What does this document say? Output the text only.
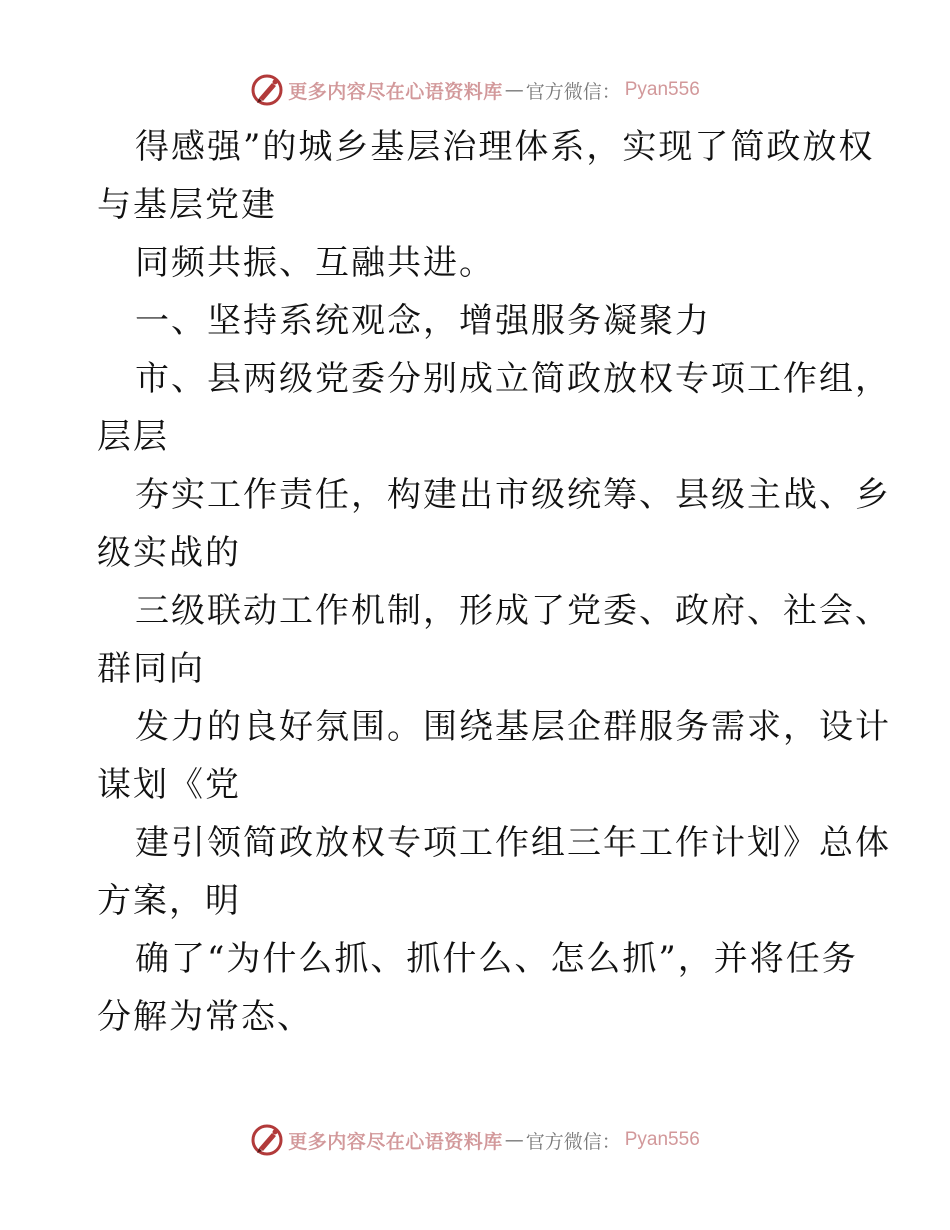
更多内容尽在心语资料库 — 官方微信： Pyan556

得感强”的城乡基层治理体系，实现了简政放权

与基层党建

同频共振、互融共进。

一、坚持系统观念，增强服务凝聚力

市、县两级党委分别成立简政放权专项工作组，

层层

夯实工作责任，构建出市级统筹、县级主战、乡

级实战的

三级联动工作机制，形成了党委、政府、社会、

群同向

发力的良好氛围。围绕基层企群服务需求，设计

谋划《党

建引领简政放权专项工作组三年工作计划》总体

方案，明

确了“为什么抓、抓什么、怎么抓”，并将任务

分解为常态、

更多内容尽在心语资料库 — 官方微信： Pyan556
